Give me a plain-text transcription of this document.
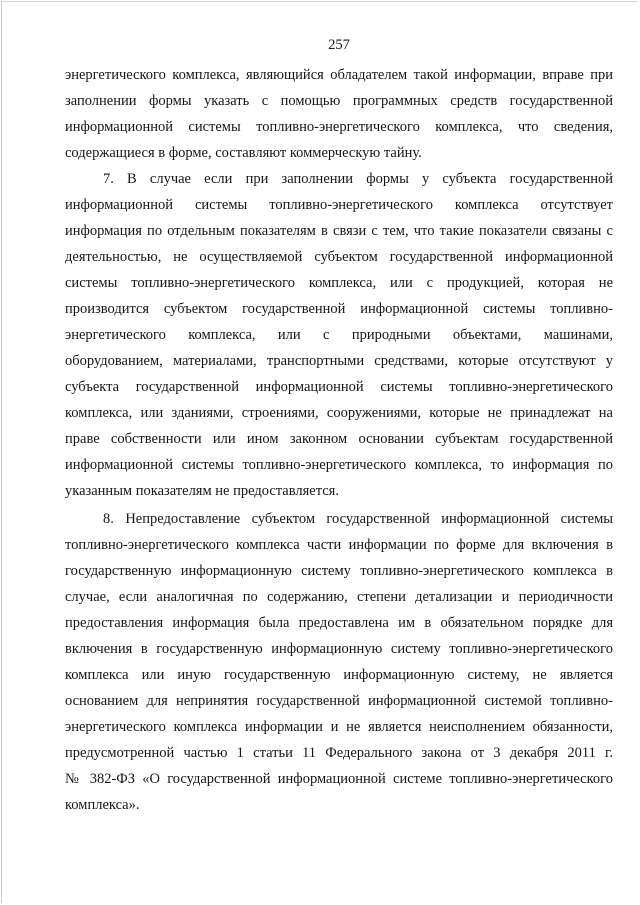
257
энергетического комплекса, являющийся обладателем такой информации, вправе при
заполнении формы указать с помощью программных средств государственной
информационной системы топливно-энергетического комплекса, что сведения,
содержащиеся в форме, составляют коммерческую тайну.
7. В случае если при заполнении формы у субъекта государственной
информационной системы топливно-энергетического комплекса отсутствует
информация по отдельным показателям в связи с тем, что такие показатели связаны с
деятельностью, не осуществляемой субъектом государственной информационной
системы топливно-энергетического комплекса, или с продукцией, которая не
производится субъектом государственной информационной системы топливно-
энергетического комплекса, или с природными объектами, машинами,
оборудованием, материалами, транспортными средствами, которые отсутствуют у
субъекта государственной информационной системы топливно-энергетического
комплекса, или зданиями, строениями, сооружениями, которые не принадлежат на
праве собственности или ином законном основании субъектам государственной
информационной системы топливно-энергетического комплекса, то информация по
указанным показателям не предоставляется.
8. Непредоставление субъектом государственной информационной системы
топливно-энергетического комплекса части информации по форме для включения в
государственную информационную систему топливно-энергетического комплекса в
случае, если аналогичная по содержанию, степени детализации и периодичности
предоставления информация была предоставлена им в обязательном порядке для
включения в государственную информационную систему топливно-энергетического
комплекса или иную государственную информационную систему, не является
основанием для непринятия государственной информационной системой топливно-
энергетического комплекса информации и не является неисполнением обязанности,
предусмотренной частью 1 статьи 11 Федерального закона от 3 декабря 2011 г.
№ 382-ФЗ «О государственной информационной системе топливно-энергетического
комплекса».
